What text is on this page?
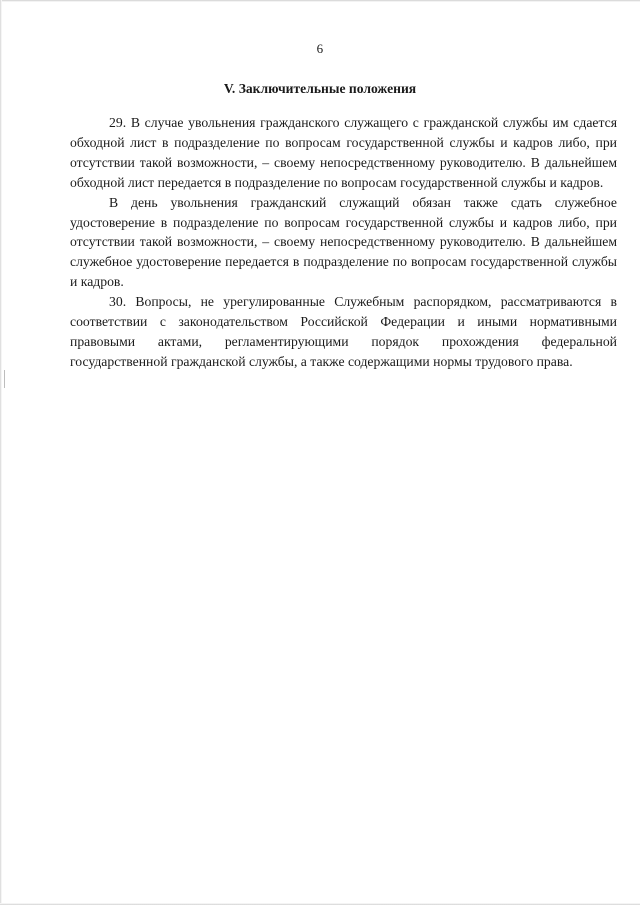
6
V. Заключительные положения

29. В случае увольнения гражданского служащего с гражданской службы им сдается обходной лист в подразделение по вопросам государственной службы и кадров либо, при отсутствии такой возможности, – своему непосредственному руководителю. В дальнейшем обходной лист передается в подразделение по вопросам государственной службы и кадров.

В день увольнения гражданский служащий обязан также сдать служебное удостоверение в подразделение по вопросам государственной службы и кадров либо, при отсутствии такой возможности, – своему непосредственному руководителю. В дальнейшем служебное удостоверение передается в подразделение по вопросам государственной службы и кадров.

30. Вопросы, не урегулированные Служебным распорядком, рассматриваются в соответствии с законодательством Российской Федерации и иными нормативными правовыми актами, регламентирующими порядок прохождения федеральной государственной гражданской службы, а также содержащими нормы трудового права.
